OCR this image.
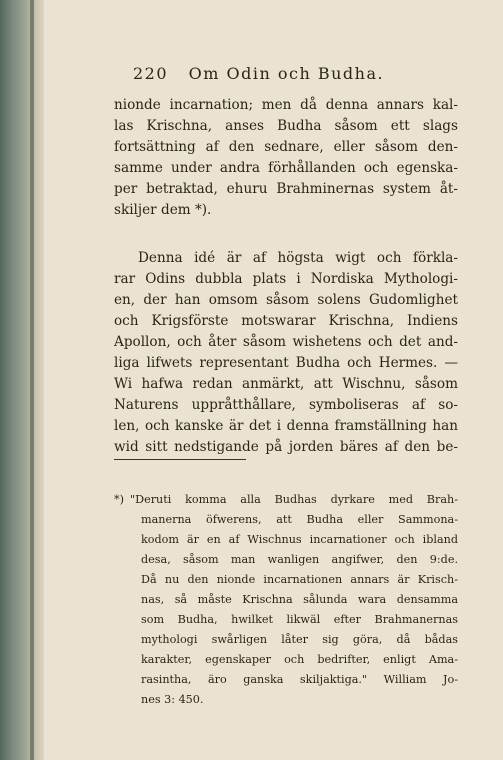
220 Om Odin och Budha.
nionde incarnation; men då denna annars kal-
las Krischna, anses Budha såsom ett slags
fortsättning af den sednare, eller såsom den-
samme under andra förhållanden och egenska-
per betraktad, ehuru Brahminernas system åt-
skiljer dem *).
Denna idé är af högsta wigt och förkla-
rar Odins dubbla plats i Nordiska Mythologi-
en, der han omsom såsom solens Gudomlighet
och Krigsförste motswarar Krischna, Indiens
Apollon, och åter såsom wishetens och det and-
liga lifwets representant Budha och Hermes. —
Wi hafwa redan anmärkt, att Wischnu, såsom
Naturens uppråtthållare, symboliseras af so-
len, och kanske är det i denna framställning han
wid sitt nedstigande på jorden bäres af den be-
*) "Deruti komma alla Budhas dyrkare med Brah-
manerna öfwerens, att Budha eller Sammona-
kodom är en af Wischnus incarnationer och ibland
desa, såsom man wanligen angifwer, den 9:de.
Då nu den nionde incarnationen annars är Krisch-
nas, så måste Krischna sålunda wara densamma
som Budha, hwilket likwäl efter Brahmanernas
mythologi swårligen låter sig göra, då bådas
karakter, egenskaper och bedrifter, enligt Ama-
rasintha, äro ganska skiljaktiga." William Jo-
nes 3: 450.
